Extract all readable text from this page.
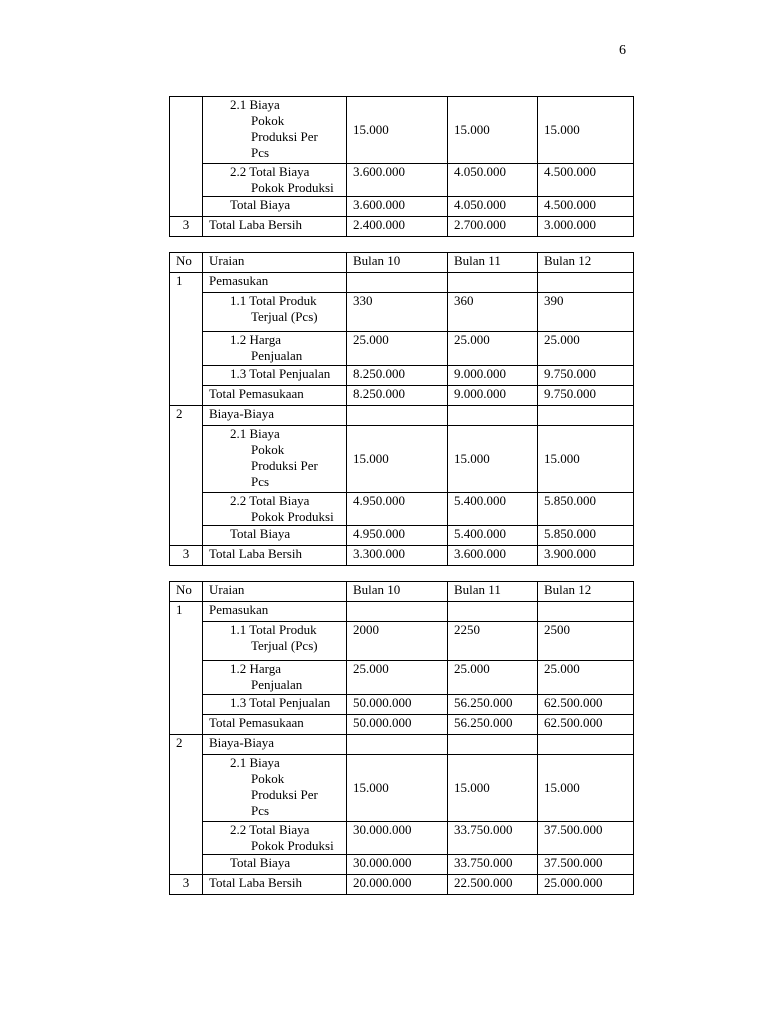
6

	2.1 Biaya
Pokok
Produksi Per
Pcs	15.000	15.000	15.000

	2.2 Total Biaya
Pokok Produksi	3.600.000	4.050.000	4.500.000

	Total Biaya	3.600.000	4.050.000	4.500.000
3	Total Laba Bersih	2.400.000	2.700.000	3.000.000
No	Uraian	Bulan 10	Bulan 11	Bulan 12
1	Pemasukan			

	1.1 Total Produk
Terjual (Pcs)	330	360	390

	1.2 Harga
Penjualan	25.000	25.000	25.000

	1.3 Total Penjualan	8.250.000	9.000.000	9.750.000
	Total Pemasukaan	8.250.000	9.000.000	9.750.000
2	Biaya-Biaya			

	2.1 Biaya
Pokok
Produksi Per
Pcs	15.000	15.000	15.000

	2.2 Total Biaya
Pokok Produksi	4.950.000	5.400.000	5.850.000

	Total Biaya	4.950.000	5.400.000	5.850.000
3	Total Laba Bersih	3.300.000	3.600.000	3.900.000
No	Uraian	Bulan 10	Bulan 11	Bulan 12
1	Pemasukan			

	1.1 Total Produk
Terjual (Pcs)	2000	2250	2500

	1.2 Harga
Penjualan	25.000	25.000	25.000

	1.3 Total Penjualan	50.000.000	56.250.000	62.500.000
	Total Pemasukaan	50.000.000	56.250.000	62.500.000
2	Biaya-Biaya			

	2.1 Biaya
Pokok
Produksi Per
Pcs	15.000	15.000	15.000

	2.2 Total Biaya
Pokok Produksi	30.000.000	33.750.000	37.500.000

	Total Biaya	30.000.000	33.750.000	37.500.000
3	Total Laba Bersih	20.000.000	22.500.000	25.000.000
